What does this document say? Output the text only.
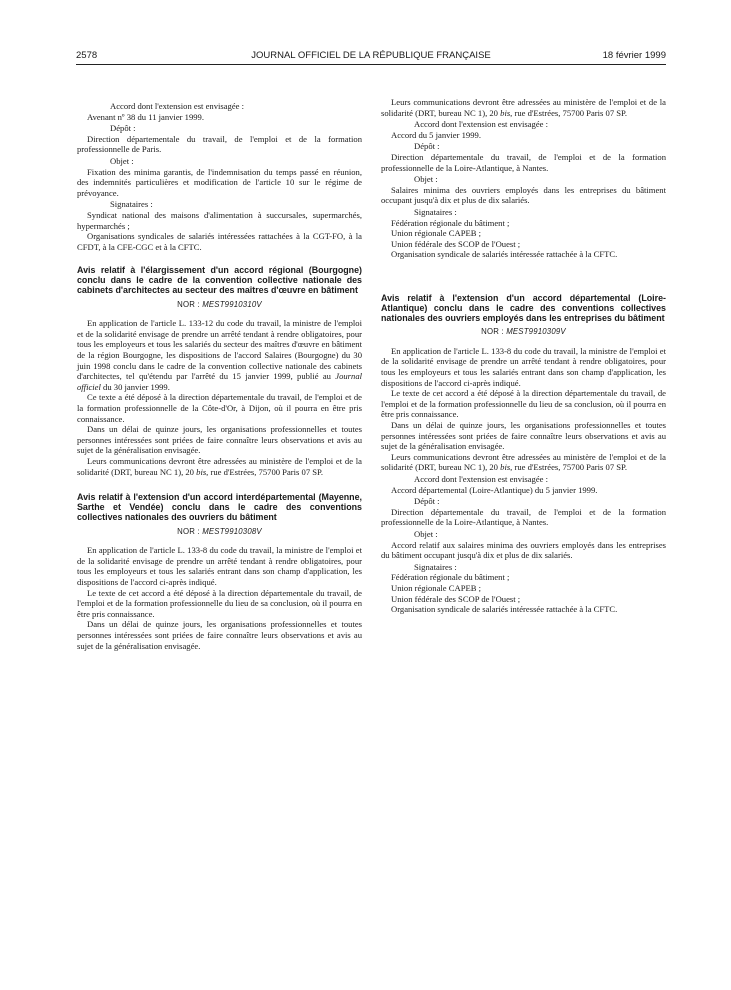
2578	JOURNAL OFFICIEL DE LA RÉPUBLIQUE FRANÇAISE	18 février 1999

Accord dont l'extension est envisagée :

Avenant nº 38 du 11 janvier 1999.

Dépôt :

Direction départementale du travail, de l'emploi et de la formation professionnelle de Paris.

Objet :

Fixation des minima garantis, de l'indemnisation du temps passé en réunion, des indemnités particulières et modification de l'article 10 sur le régime de prévoyance.

Signataires :

Syndicat national des maisons d'alimentation à succursales, supermarchés, hypermarchés ;

Organisations syndicales de salariés intéressées rattachées à la CGT-FO, à la CFDT, à la CFE-CGC et à la CFTC.

Avis relatif à l'élargissement d'un accord régional (Bourgogne) conclu dans le cadre de la convention collective nationale des cabinets d'architectes au secteur des maîtres d'œuvre en bâtiment

NOR : MEST9910310V

En application de l'article L. 133-12 du code du travail, la ministre de l'emploi et de la solidarité envisage de prendre un arrêté tendant à rendre obligatoires, pour tous les employeurs et tous les salariés du secteur des maîtres d'œuvre en bâtiment de la région Bourgogne, les dispositions de l'accord Salaires (Bourgogne) du 30 juin 1998 conclu dans le cadre de la convention collective nationale des cabinets d'architectes, tel qu'étendu par l'arrêté du 15 janvier 1999, publié au Journal officiel du 30 janvier 1999.

Ce texte a été déposé à la direction départementale du travail, de l'emploi et de la formation professionnelle de la Côte-d'Or, à Dijon, où il pourra en être pris connaissance.

Dans un délai de quinze jours, les organisations professionnelles et toutes personnes intéressées sont priées de faire connaître leurs observations et avis au sujet de la généralisation envisagée.

Leurs communications devront être adressées au ministère de l'emploi et de la solidarité (DRT, bureau NC 1), 20 bis, rue d'Estrées, 75700 Paris 07 SP.

Avis relatif à l'extension d'un accord interdépartemental (Mayenne, Sarthe et Vendée) conclu dans le cadre des conventions collectives nationales des ouvriers du bâtiment

NOR : MEST9910308V

En application de l'article L. 133-8 du code du travail, la ministre de l'emploi et de la solidarité envisage de prendre un arrêté tendant à rendre obligatoires, pour tous les employeurs et tous les salariés entrant dans son champ d'application, les dispositions de l'accord ci-après indiqué.

Le texte de cet accord a été déposé à la direction départementale du travail, de l'emploi et de la formation professionnelle du lieu de sa conclusion, où il pourra en être pris connaissance.

Dans un délai de quinze jours, les organisations professionnelles et toutes personnes intéressées sont priées de faire connaître leurs observations et avis au sujet de la généralisation envisagée.

Leurs communications devront être adressées au ministère de l'emploi et de la solidarité (DRT, bureau NC 1), 20 bis, rue d'Estrées, 75700 Paris 07 SP.

Accord dont l'extension est envisagée :

Accord du 5 janvier 1999.

Dépôt :

Direction départementale du travail, de l'emploi et de la formation professionnelle de la Loire-Atlantique, à Nantes.

Objet :

Salaires minima des ouvriers employés dans les entreprises du bâtiment occupant jusqu'à dix et plus de dix salariés.

Signataires :

Fédération régionale du bâtiment ;

Union régionale CAPEB ;

Union fédérale des SCOP de l'Ouest ;

Organisation syndicale de salariés intéressée rattachée à la CFTC.

Avis relatif à l'extension d'un accord départemental (Loire-Atlantique) conclu dans le cadre des conventions collectives nationales des ouvriers employés dans les entreprises du bâtiment

NOR : MEST9910309V

En application de l'article L. 133-8 du code du travail, la ministre de l'emploi et de la solidarité envisage de prendre un arrêté tendant à rendre obligatoires, pour tous les employeurs et tous les salariés entrant dans son champ d'application, les dispositions de l'accord ci-après indiqué.

Le texte de cet accord a été déposé à la direction départementale du travail, de l'emploi et de la formation professionnelle du lieu de sa conclusion, où il pourra en être pris connaissance.

Dans un délai de quinze jours, les organisations professionnelles et toutes personnes intéressées sont priées de faire connaître leurs observations et avis au sujet de la généralisation envisagée.

Leurs communications devront être adressées au ministère de l'emploi et de la solidarité (DRT, bureau NC 1), 20 bis, rue d'Estrées, 75700 Paris 07 SP.

Accord dont l'extension est envisagée :

Accord départemental (Loire-Atlantique) du 5 janvier 1999.

Dépôt :

Direction départementale du travail, de l'emploi et de la formation professionnelle de la Loire-Atlantique, à Nantes.

Objet :

Accord relatif aux salaires minima des ouvriers employés dans les entreprises du bâtiment occupant jusqu'à dix et plus de dix salariés.

Signataires :

Fédération régionale du bâtiment ;

Union régionale CAPEB ;

Union fédérale des SCOP de l'Ouest ;

Organisation syndicale de salariés intéressée rattachée à la CFTC.
